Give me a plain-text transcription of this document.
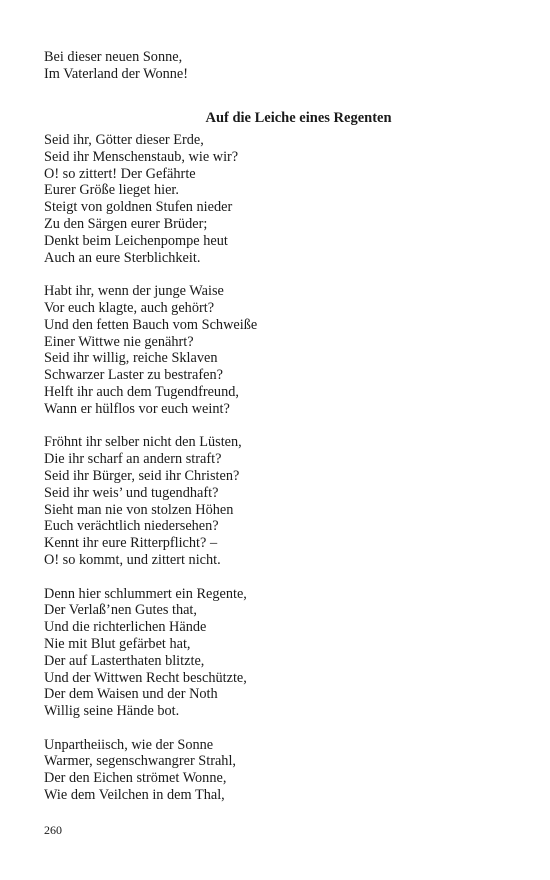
Bei dieser neuen Sonne,
Im Vaterland der Wonne!
Auf die Leiche eines Regenten
Seid ihr, Götter dieser Erde,
Seid ihr Menschenstaub, wie wir?
O! so zittert! Der Gefährte
Eurer Größe lieget hier.
Steigt von goldnen Stufen nieder
Zu den Särgen eurer Brüder;
Denkt beim Leichenpompe heut
Auch an eure Sterblichkeit.
Habt ihr, wenn der junge Waise
Vor euch klagte, auch gehört?
Und den fetten Bauch vom Schweiße
Einer Wittwe nie genährt?
Seid ihr willig, reiche Sklaven
Schwarzer Laster zu bestrafen?
Helft ihr auch dem Tugendfreund,
Wann er hülflos vor euch weint?
Fröhnt ihr selber nicht den Lüsten,
Die ihr scharf an andern straft?
Seid ihr Bürger, seid ihr Christen?
Seid ihr weis’ und tugendhaft?
Sieht man nie von stolzen Höhen
Euch verächtlich niedersehen?
Kennt ihr eure Ritterpflicht? –
O! so kommt, und zittert nicht.
Denn hier schlummert ein Regente,
Der Verlaß’nen Gutes that,
Und die richterlichen Hände
Nie mit Blut gefärbet hat,
Der auf Lasterthaten blitzte,
Und der Wittwen Recht beschützte,
Der dem Waisen und der Noth
Willig seine Hände bot.
Unpartheiisch, wie der Sonne
Warmer, segenschwangrer Strahl,
Der den Eichen strömet Wonne,
Wie dem Veilchen in dem Thal,
260
